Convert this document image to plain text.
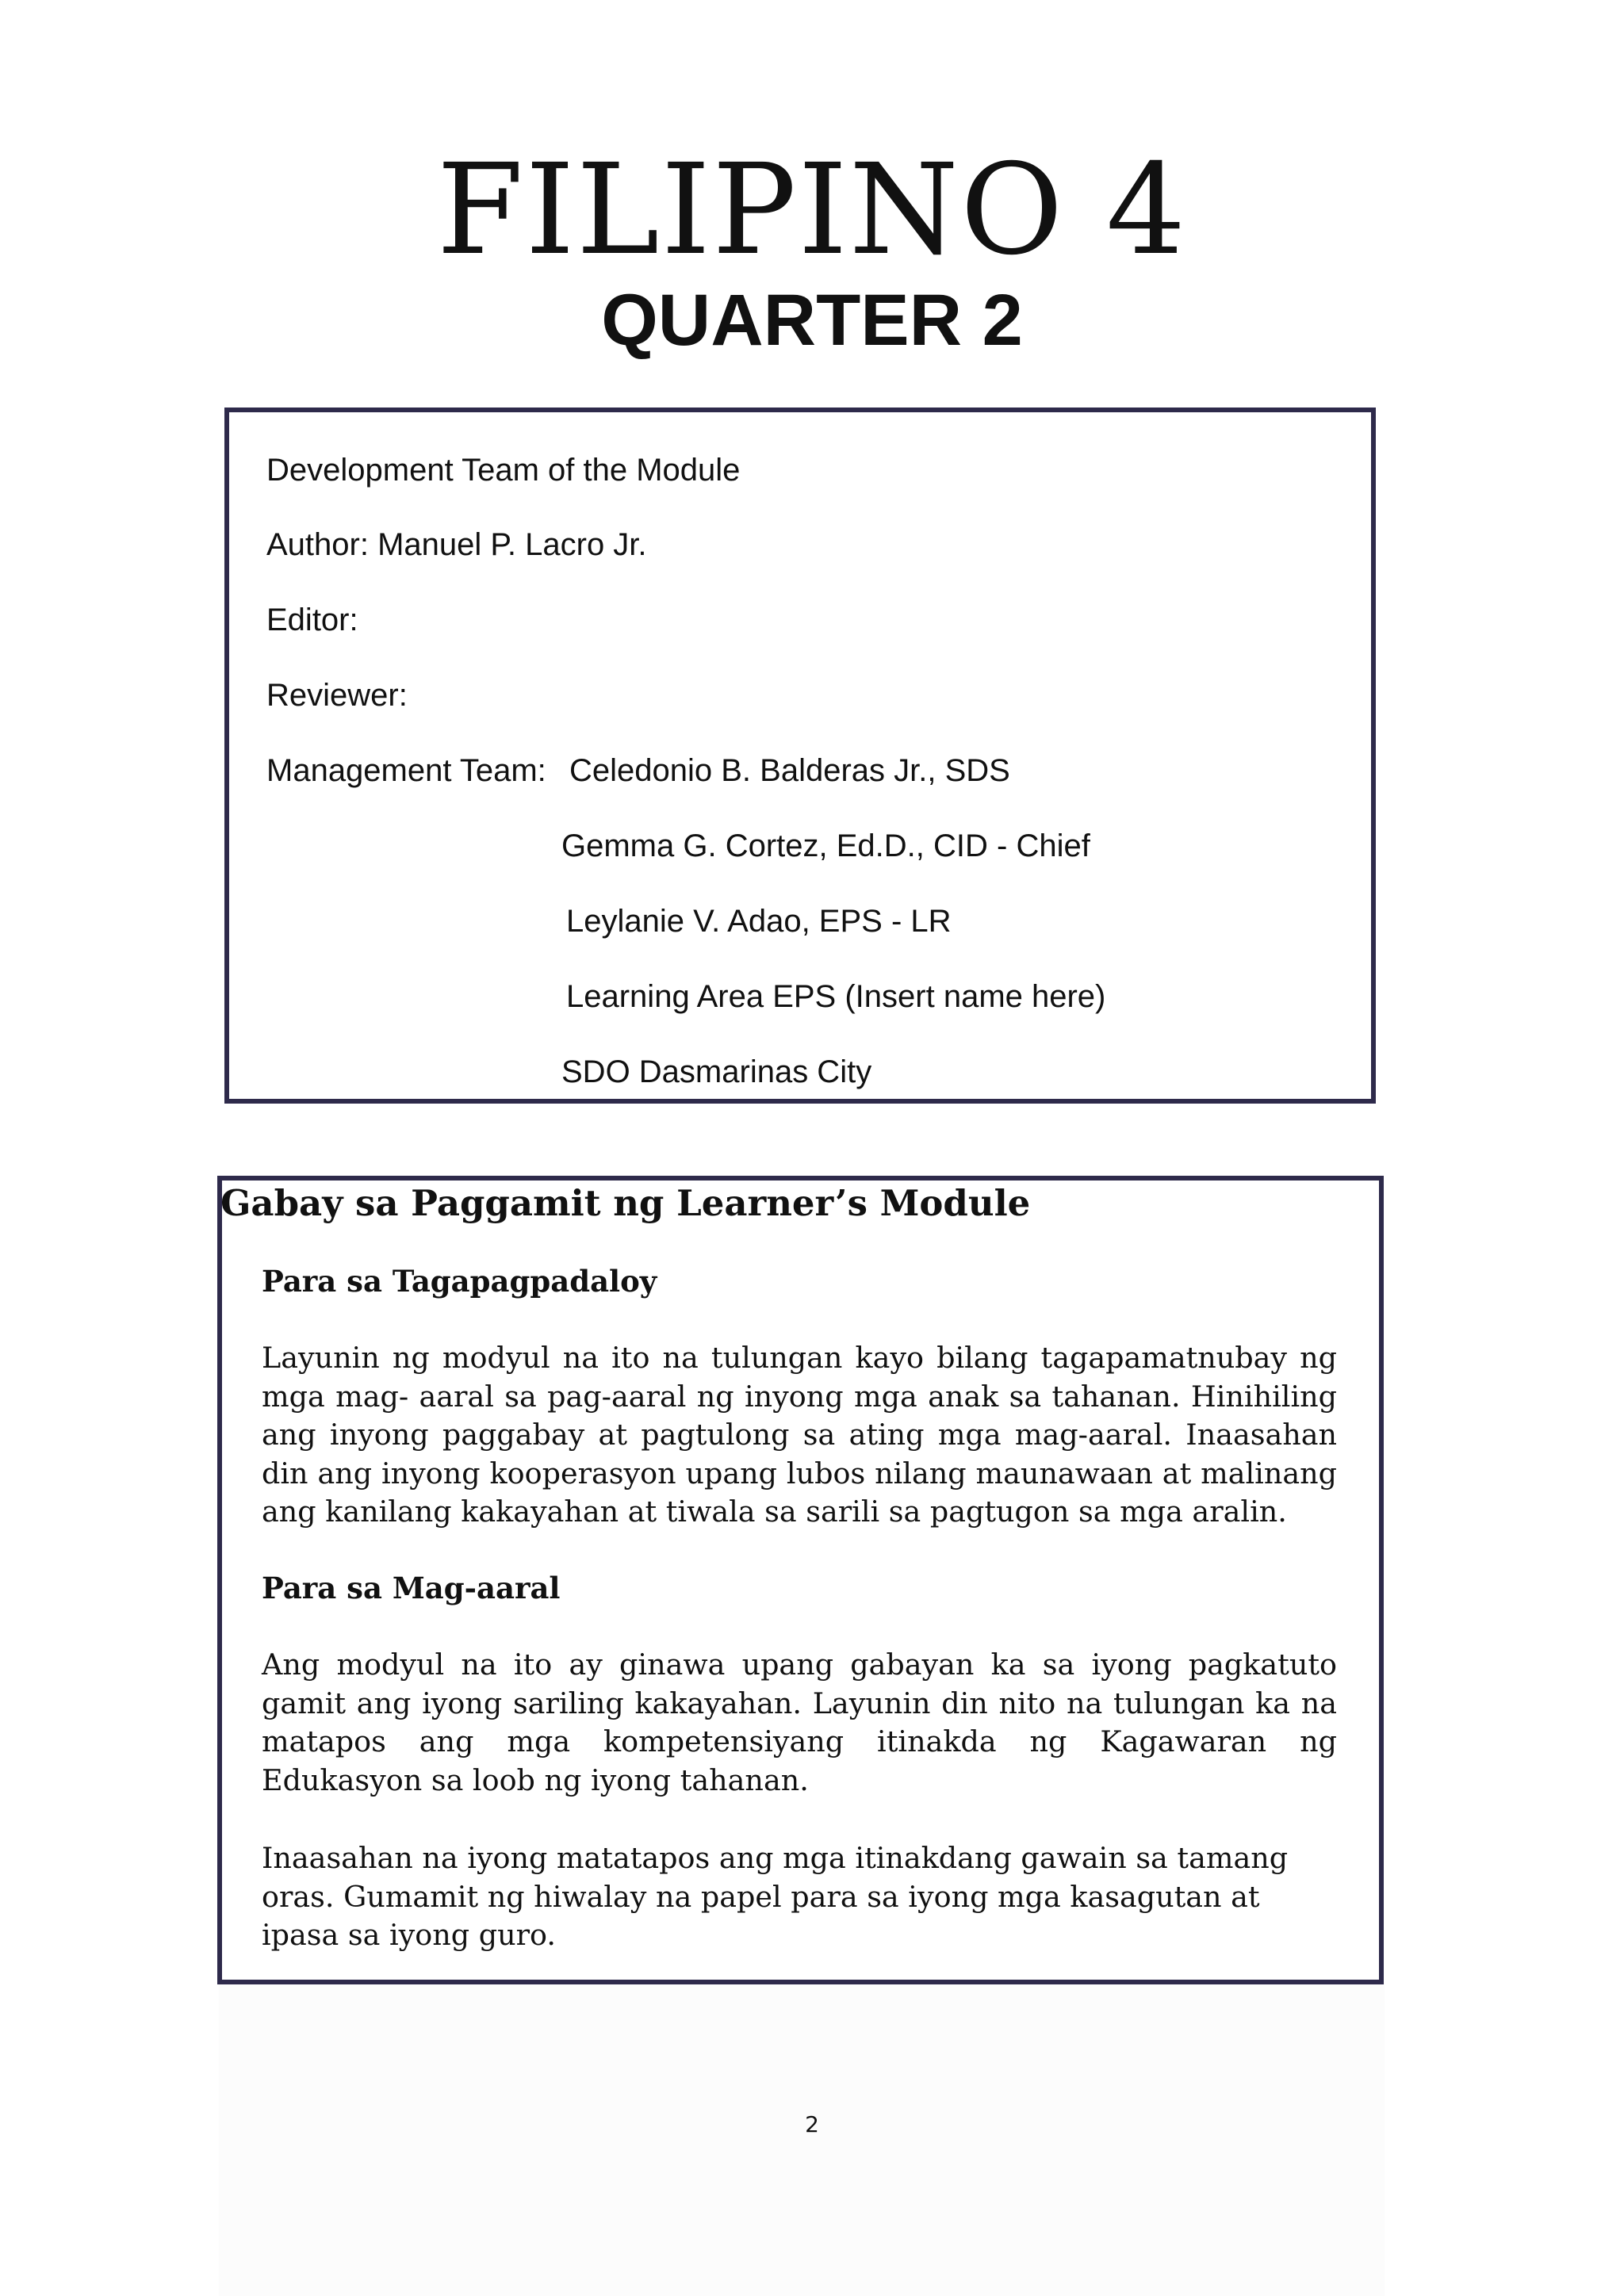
FILIPINO 4
QUARTER 2
Development Team of the Module
Author: Manuel P. Lacro Jr.
Editor:
Reviewer:
Management Team: Celedonio B. Balderas Jr., SDS
Gemma G. Cortez, Ed.D., CID - Chief
Leylanie V. Adao, EPS - LR
Learning Area EPS (Insert name here)
SDO Dasmarinas City
Gabay sa Paggamit ng Learner’s Module
Para sa Tagapagpadaloy
Layunin ng modyul na ito na tulungan kayo bilang tagapamatnubay ng mga mag- aaral sa pag-aaral ng inyong mga anak sa tahanan. Hinihiling ang inyong paggabay at pagtulong sa ating mga mag-aaral. Inaasahan din ang inyong kooperasyon upang lubos nilang maunawaan at malinang ang kanilang kakayahan at tiwala sa sarili sa pagtugon sa mga aralin.
Para sa Mag-aaral
Ang modyul na ito ay ginawa upang gabayan ka sa iyong pagkatuto gamit ang iyong sariling kakayahan. Layunin din nito na tulungan ka na matapos ang mga kompetensiyang itinakda ng Kagawaran ng Edukasyon sa loob ng iyong tahanan.
Inaasahan na iyong matatapos ang mga itinakdang gawain sa tamang oras. Gumamit ng hiwalay na papel para sa iyong mga kasagutan at ipasa sa iyong guro.
2
